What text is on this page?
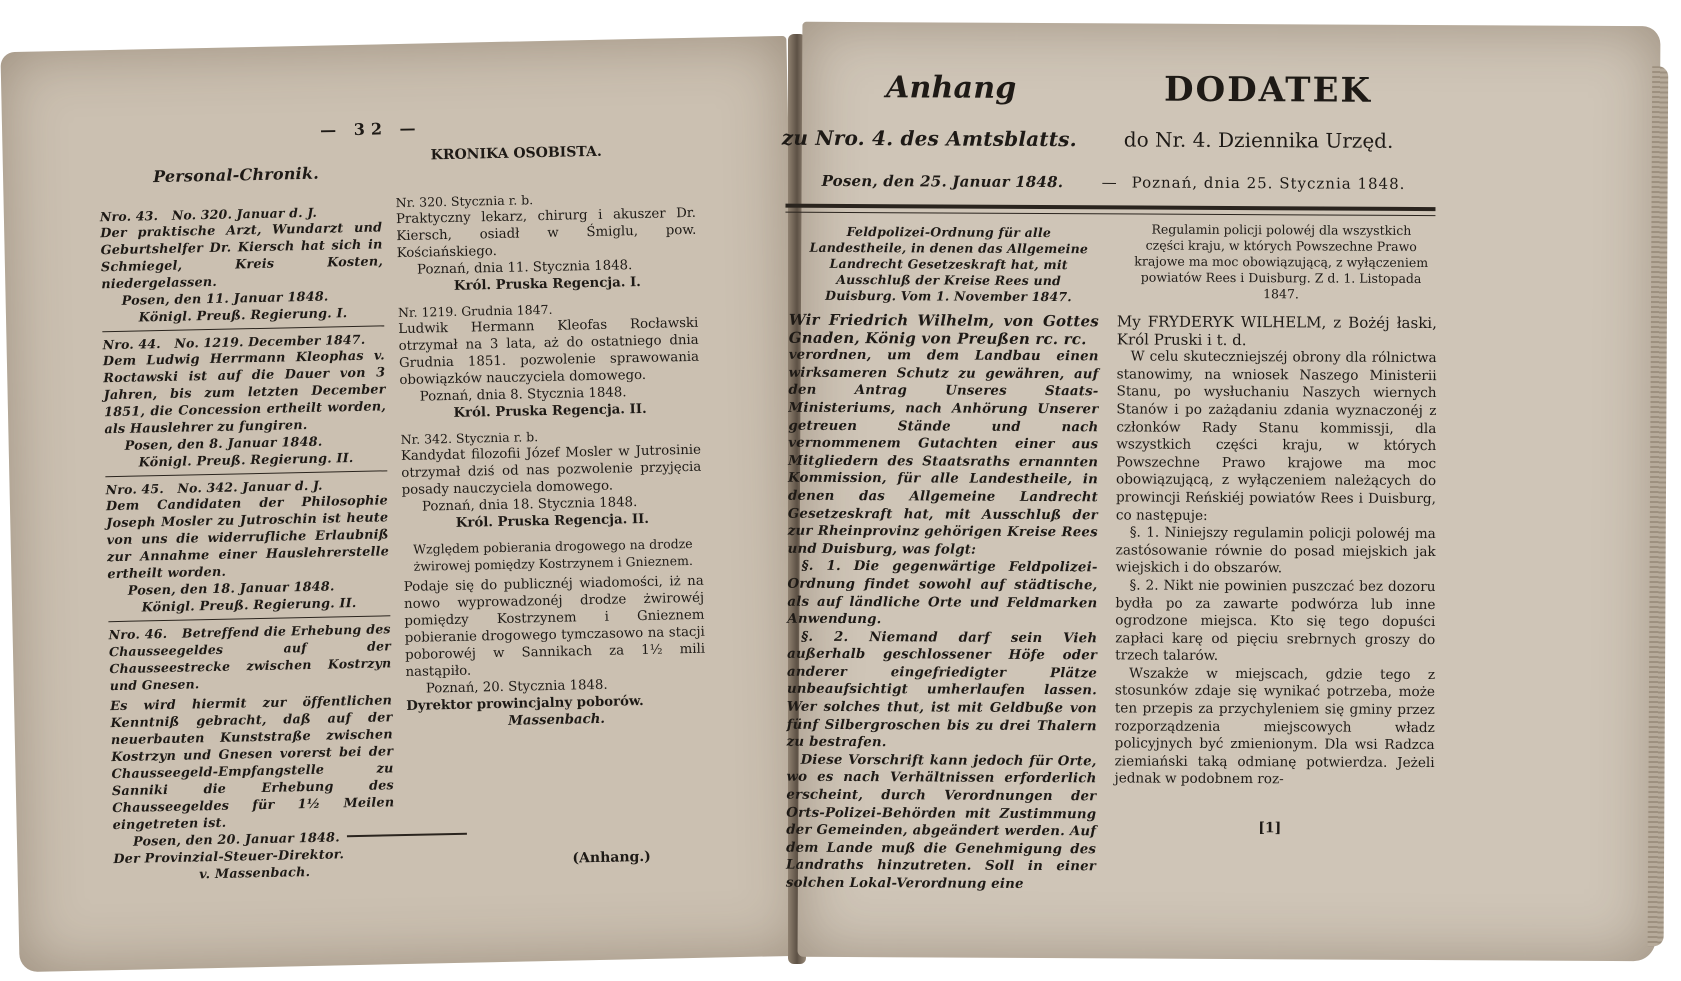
— 32 —
Personal-Chronik.
KRONIKA OSOBISTA.

Nro. 43. No. 320. Januar d. J.

Der praktische Arzt, Wundarzt und Geburtshelfer Dr. Kiersch hat sich in Schmiegel, Kreis Kosten, niedergelassen.

Posen, den 11. Januar 1848.

Königl. Preuß. Regierung. I.

Nro. 44. No. 1219. December 1847.

Dem Ludwig Herrmann Kleophas v. Roctawski ist auf die Dauer von 3 Jahren, bis zum letzten December 1851, die Concession ertheilt worden, als Hauslehrer zu fungiren.

Posen, den 8. Januar 1848.

Königl. Preuß. Regierung. II.

Nro. 45. No. 342. Januar d. J.

Dem Candidaten der Philosophie Joseph Mosler zu Jutroschin ist heute von uns die widerrufliche Erlaubniß zur Annahme einer Hauslehrerstelle ertheilt worden.

Posen, den 18. Januar 1848.

Königl. Preuß. Regierung. II.

Nro. 46. Betreffend die Erhebung des Chausseegeldes auf der Chausseestrecke zwischen Kostrzyn und Gnesen.

Es wird hiermit zur öffentlichen Kenntniß gebracht, daß auf der neuerbauten Kunststraße zwischen Kostrzyn und Gnesen vorerst bei der Chausseegeld-Empfangstelle zu Sanniki die Erhebung des Chausseegeldes für 1½ Meilen eingetreten ist.

Posen, den 20. Januar 1848.

Der Provinzial-Steuer-Direktor.

v. Massenbach.

Nr. 320. Stycznia r. b.

Praktyczny lekarz, chirurg i akuszer Dr. Kiersch, osiadł w Śmiglu, pow. Kościańskiego.

Poznań, dnia 11. Stycznia 1848.

Król. Pruska Regencja. I.

Nr. 1219. Grudnia 1847.

Ludwik Hermann Kleofas Rocławski otrzymał na 3 lata, aż do ostatniego dnia Grudnia 1851. pozwolenie sprawowania obowiązków nauczyciela domowego.

Poznań, dnia 8. Stycznia 1848.

Król. Pruska Regencja. II.

Nr. 342. Stycznia r. b.

Kandydat filozofii Józef Mosler w Jutrosinie otrzymał dziś od nas pozwolenie przyjęcia posady nauczyciela domowego.

Poznań, dnia 18. Stycznia 1848.

Król. Pruska Regencja. II.

Względem pobierania drogowego na drodze żwirowej pomiędzy Kostrzynem i Gnieznem.

Podaje się do publicznéj wiadomości, iż na nowo wyprowadzonéj drodze żwirowéj pomiędzy Kostrzynem i Gnieznem pobieranie drogowego tymczasowo na stacji poborowéj w Sannikach za 1½ mili nastąpiło.

Poznań, 20. Stycznia 1848.

Dyrektor prowincjalny poborów.

Massenbach.

(Anhang.)
Anhang	DODATEK
zu Nro. 4. des Amtsblatts. do Nr. 4. Dziennika Urzęd.
Posen, den 25. Januar 1848.	— Poznań, dnia 25. Stycznia 1848.
Feldpolizei-Ordnung für alle Landestheile, in denen das Allgemeine Landrecht Gesetzeskraft hat, mit Ausschluß der Kreise Rees und Duisburg. Vom 1. November 1847.
Regulamin policji polowéj dla wszystkich części kraju, w których Powszechne Prawo krajowe ma moc obowiązującą, z wyłączeniem powiatów Rees i Duisburg. Z d. 1. Listopada 1847.

Wir Friedrich Wilhelm, von Gottes Gnaden, König von Preußen rc. rc.

verordnen, um dem Landbau einen wirksameren Schutz zu gewähren, auf den Antrag Unseres Staats-Ministeriums, nach Anhörung Unserer getreuen Stände und nach vernommenem Gutachten einer aus Mitgliedern des Staatsraths ernannten Kommission, für alle Landestheile, in denen das Allgemeine Landrecht Gesetzeskraft hat, mit Ausschluß der zur Rheinprovinz gehörigen Kreise Rees und Duisburg, was folgt:

§. 1. Die gegenwärtige Feldpolizei-Ordnung findet sowohl auf städtische, als auf ländliche Orte und Feldmarken Anwendung.

§. 2. Niemand darf sein Vieh außerhalb geschlossener Höfe oder anderer eingefriedigter Plätze unbeaufsichtigt umherlaufen lassen. Wer solches thut, ist mit Geldbuße von fünf Silbergroschen bis zu drei Thalern zu bestrafen.

Diese Vorschrift kann jedoch für Orte, wo es nach Verhältnissen erforderlich erscheint, durch Verordnungen der Orts-Polizei-Behörden mit Zustimmung der Gemeinden, abgeändert werden. Auf dem Lande muß die Genehmigung des Landraths hinzutreten. Soll in einer solchen Lokal-Verordnung eine

My FRYDERYK WILHELM, z Bożéj łaski, Król Pruski i t. d.

W celu skuteczniejszéj obrony dla rólnictwa stanowimy, na wniosek Naszego Ministerii Stanu, po wysłuchaniu Naszych wiernych Stanów i po zażądaniu zdania wyznaczonéj z członków Rady Stanu kommissji, dla wszystkich części kraju, w których Powszechne Prawo krajowe ma moc obowiązującą, z wyłączeniem należących do prowincji Reńskiéj powiatów Rees i Duisburg, co następuje:

§. 1. Niniejszy regulamin policji polowéj ma zastósowanie równie do posad miejskich jak wiejskich i do obszarów.

§. 2. Nikt nie powinien puszczać bez dozoru bydła po za zawarte podwórza lub inne ogrodzone miejsca. Kto się tego dopuści zapłaci karę od pięciu srebrnych groszy do trzech talarów.

Wszakże w miejscach, gdzie tego z stosunków zdaje się wynikać potrzeba, może ten przepis za przychyleniem się gminy przez rozporządzenia miejscowych władz policyjnych być zmienionym. Dla wsi Radzca ziemiański taką odmianę potwierdza. Jeżeli jednak w podobnem roz-

[1]
